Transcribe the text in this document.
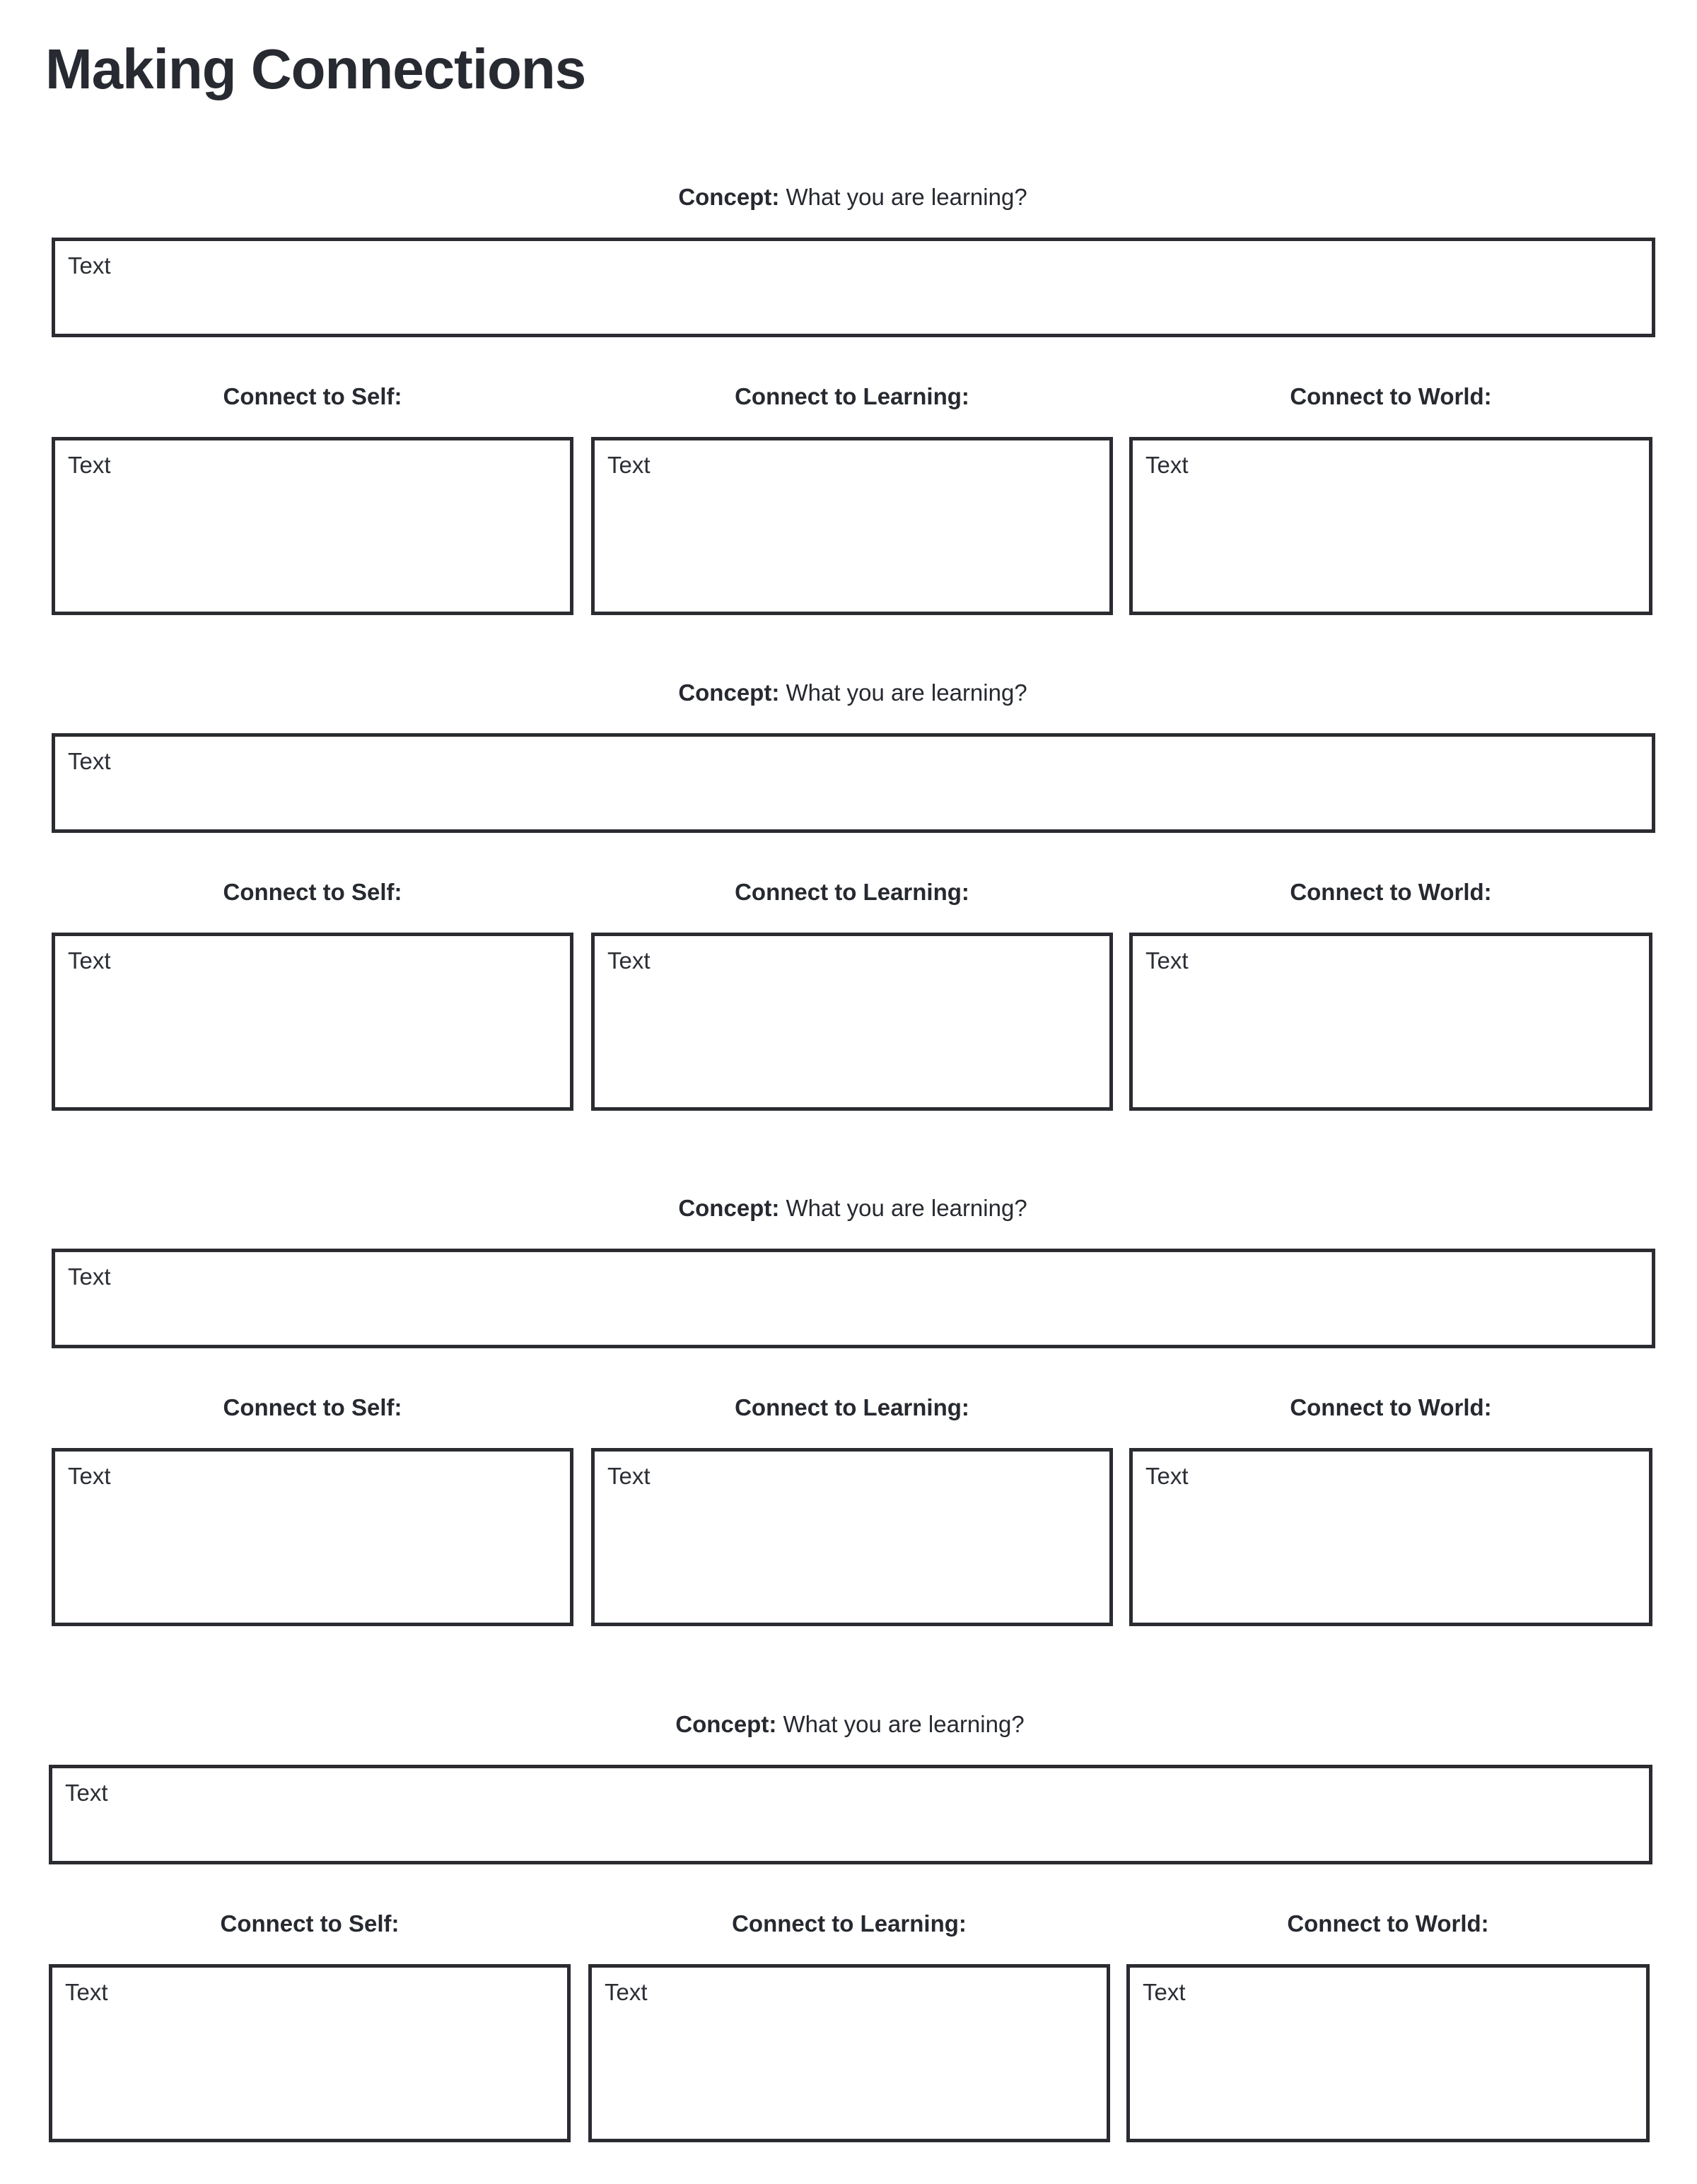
Making Connections
Concept: What you are learning?
Text
Connect to Self:	Connect to Learning:	Connect to World:
Text	Text	Text
Concept: What you are learning?
Text
Connect to Self:	Connect to Learning:	Connect to World:
Text	Text	Text
Concept: What you are learning?
Text
Connect to Self:	Connect to Learning:	Connect to World:
Text	Text	Text
Concept: What you are learning?
Text
Connect to Self:	Connect to Learning:	Connect to World:
Text	Text	Text
